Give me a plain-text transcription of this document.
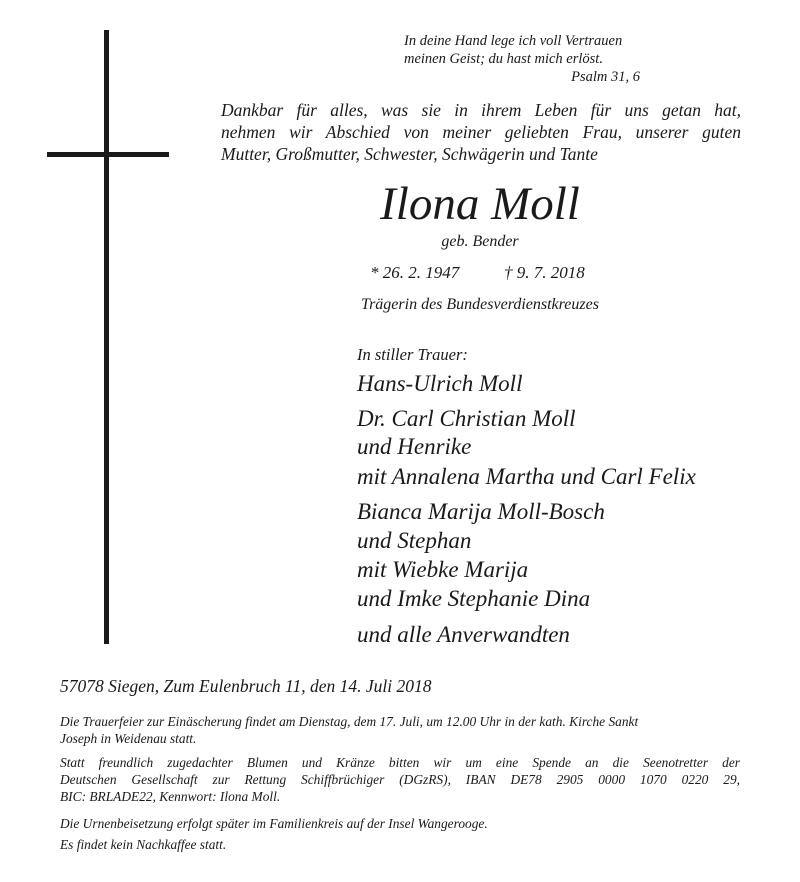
In deine Hand lege ich voll Vertrauen
meinen Geist; du hast mich erlöst.
Psalm 31, 6
Dankbar für alles, was sie in ihrem Leben für uns getan hat,
nehmen wir Abschied von meiner geliebten Frau, unserer guten
Mutter, Großmutter, Schwester, Schwägerin und Tante
Ilona Moll
geb. Bender
* 26. 2. 1947	† 9. 7. 2018
Trägerin des Bundesverdienstkreuzes
In stiller Trauer:
Hans-Ulrich Moll
Dr. Carl Christian Moll
und Henrike
mit Annalena Martha und Carl Felix
Bianca Marija Moll-Bosch
und Stephan
mit Wiebke Marija
und Imke Stephanie Dina
und alle Anverwandten
57078 Siegen, Zum Eulenbruch 11, den 14. Juli 2018
Die Trauerfeier zur Einäscherung findet am Dienstag, dem 17. Juli, um 12.00 Uhr in der kath. Kirche Sankt
Joseph in Weidenau statt.
Statt freundlich zugedachter Blumen und Kränze bitten wir um eine Spende an die Seenotretter der
Deutschen Gesellschaft zur Rettung Schiffbrüchiger (DGzRS), IBAN DE78 2905 0000 1070 0220 29,
BIC: BRLADE22, Kennwort: Ilona Moll.
Die Urnenbeisetzung erfolgt später im Familienkreis auf der Insel Wangerooge.
Es findet kein Nachkaffee statt.
